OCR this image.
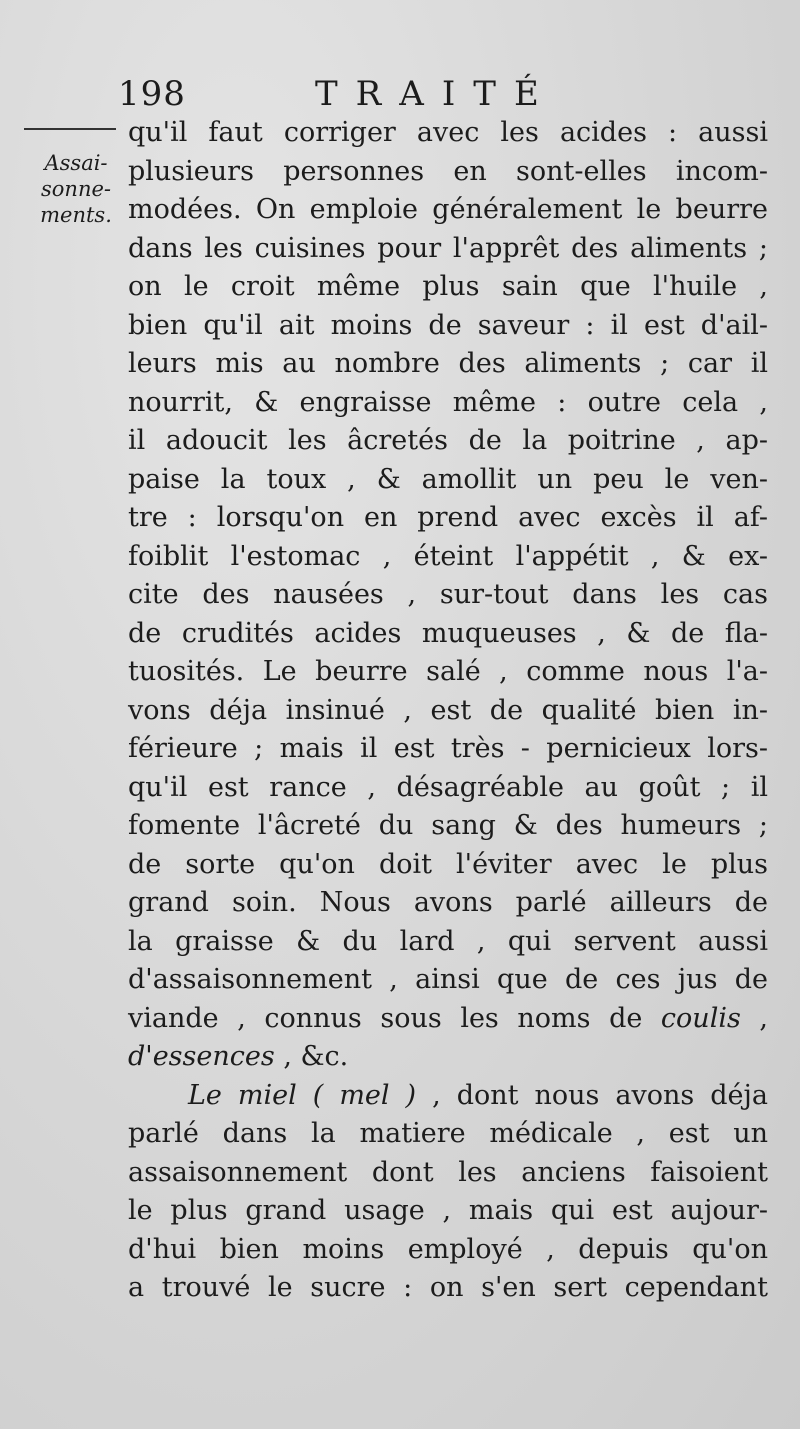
198	TRAITÉ
Assai-
sonne-
ments.
qu'il faut corriger avec les acides : aussi
plusieurs personnes en sont-elles incom-
modées. On emploie généralement le beurre
dans les cuisines pour l'apprêt des aliments ;
on le croit même plus sain que l'huile ,
bien qu'il ait moins de saveur : il est d'ail-
leurs mis au nombre des aliments ; car il
nourrit, & engraisse même : outre cela ,
il adoucit les âcretés de la poitrine , ap-
paise la toux , & amollit un peu le ven-
tre : lorsqu'on en prend avec excès il af-
foiblit l'estomac , éteint l'appétit , & ex-
cite des nausées , sur-tout dans les cas
de crudités acides muqueuses , & de fla-
tuosités. Le beurre salé , comme nous l'a-
vons déja insinué , est de qualité bien in-
férieure ; mais il est très - pernicieux lors-
qu'il est rance , désagréable au goût ; il
fomente l'âcreté du sang & des humeurs ;
de sorte qu'on doit l'éviter avec le plus
grand soin. Nous avons parlé ailleurs de
la graisse & du lard , qui servent aussi
d'assaisonnement , ainsi que de ces jus de
viande , connus sous les noms de coulis ,
d'essences , &c.
Le miel ( mel ) , dont nous avons déja
parlé dans la matiere médicale , est un
assaisonnement dont les anciens faisoient
le plus grand usage , mais qui est aujour-
d'hui bien moins employé , depuis qu'on
a trouvé le sucre : on s'en sert cependant
